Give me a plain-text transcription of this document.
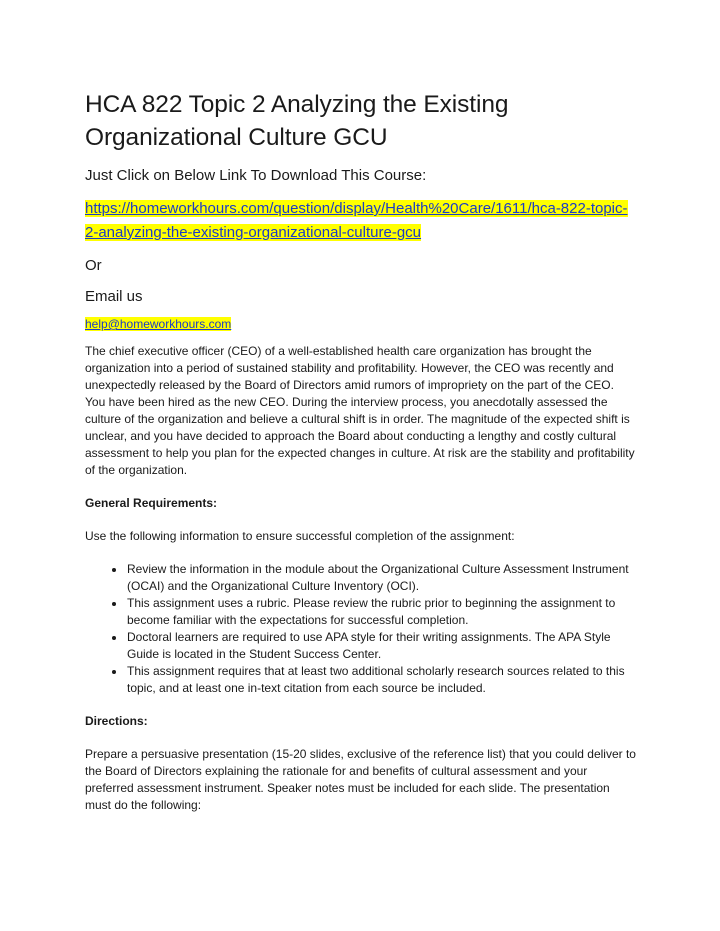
HCA 822 Topic 2 Analyzing the Existing Organizational Culture GCU

Just Click on Below Link To Download This Course:

https://homeworkhours.com/question/display/Health%20Care/1611/hca-822-topic-2-analyzing-the-existing-organizational-culture-gcu

Or

Email us

help@homeworkhours.com

The chief executive officer (CEO) of a well-established health care organization has brought the organization into a period of sustained stability and profitability. However, the CEO was recently and unexpectedly released by the Board of Directors amid rumors of impropriety on the part of the CEO. You have been hired as the new CEO. During the interview process, you anecdotally assessed the culture of the organization and believe a cultural shift is in order. The magnitude of the expected shift is unclear, and you have decided to approach the Board about conducting a lengthy and costly cultural assessment to help you plan for the expected changes in culture. At risk are the stability and profitability of the organization.

General Requirements:

Use the following information to ensure successful completion of the assignment:

• Review the information in the module about the Organizational Culture Assessment Instrument (OCAI) and the Organizational Culture Inventory (OCI).
• This assignment uses a rubric. Please review the rubric prior to beginning the assignment to become familiar with the expectations for successful completion.
• Doctoral learners are required to use APA style for their writing assignments. The APA Style Guide is located in the Student Success Center.
• This assignment requires that at least two additional scholarly research sources related to this topic, and at least one in-text citation from each source be included.

Directions:

Prepare a persuasive presentation (15-20 slides, exclusive of the reference list) that you could deliver to the Board of Directors explaining the rationale for and benefits of cultural assessment and your preferred assessment instrument. Speaker notes must be included for each slide. The presentation must do the following:
